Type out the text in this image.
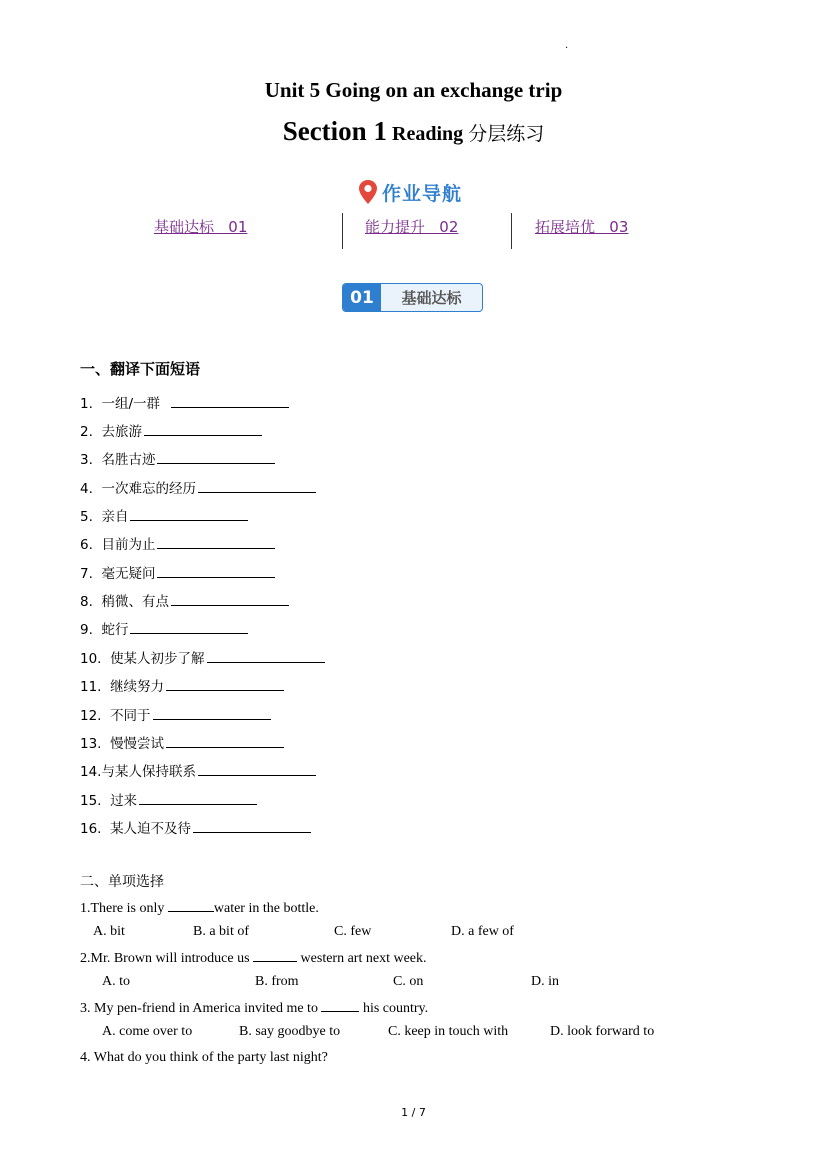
.
Unit 5 Going on an exchange trip
Section 1 Reading 分层练习
作业导航
基础达标   01	能力提升   02	拓展培优   03
01	基础达标
一、翻译下面短语
1.  一组/一群
2.  去旅游
3.  名胜古迹
4.  一次难忘的经历
5.  亲自
6.  目前为止
7.  毫无疑问
8.  稍微、有点
9.  蛇行
10.  使某人初步了解
11.  继续努力
12.  不同于
13.  慢慢尝试
14.与某人保持联系
15.  过来
16.  某人迫不及待
二、单项选择
1.There is only	water in the bottle.
A. bit	B. a bit of	C. few	D. a few of
2.Mr. Brown will introduce us	western art next week.
A. to	B. from	C. on	D. in
3. My pen-friend in America invited me to	his country.
A. come over to	B. say goodbye to	C. keep in touch with	D. look forward to
4. What do you think of the party last night?
1 / 7
